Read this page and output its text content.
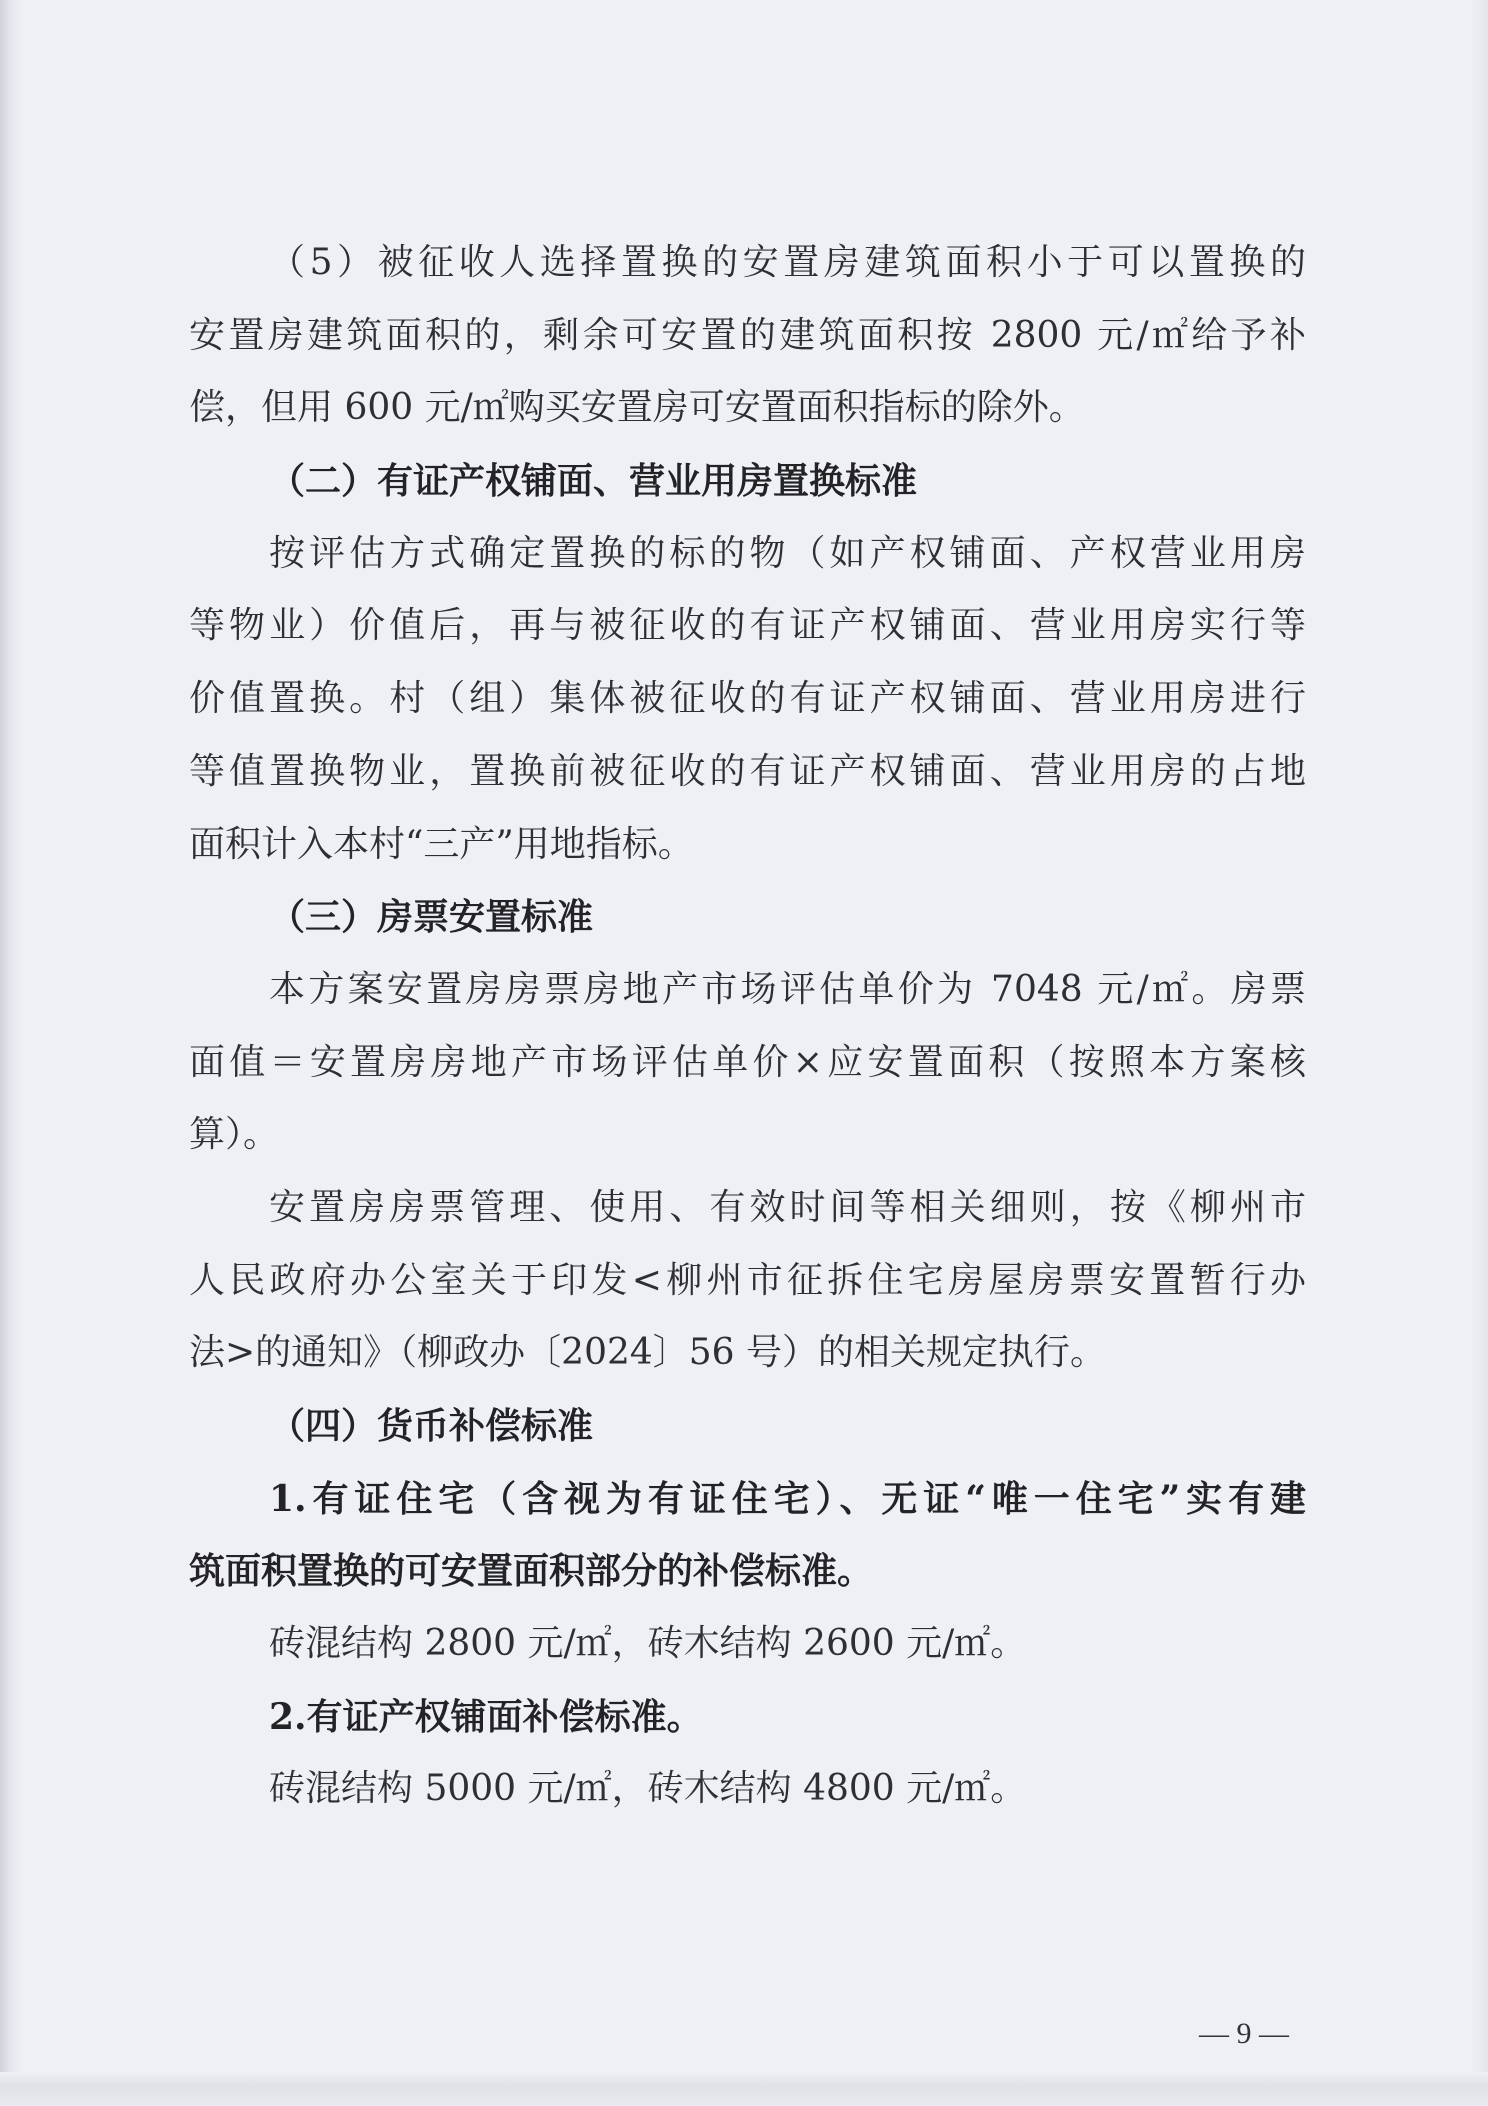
（5）被征收人选择置换的安置房建筑面积小于可以置换的
安置房建筑面积的，剩余可安置的建筑面积按 2800 元/㎡给予补
偿，但用 600 元/㎡购买安置房可安置面积指标的除外。
（二）有证产权铺面、营业用房置换标准
按评估方式确定置换的标的物（如产权铺面、产权营业用房
等物业）价值后，再与被征收的有证产权铺面、营业用房实行等
价值置换。村（组）集体被征收的有证产权铺面、营业用房进行
等值置换物业，置换前被征收的有证产权铺面、营业用房的占地
面积计入本村“三产”用地指标。
（三）房票安置标准
本方案安置房房票房地产市场评估单价为 7048 元/㎡。房票
面值＝安置房房地产市场评估单价×应安置面积（按照本方案核
算）。
安置房房票管理、使用、有效时间等相关细则，按《柳州市
人民政府办公室关于印发<柳州市征拆住宅房屋房票安置暂行办
法>的通知》（柳政办〔2024〕56 号）的相关规定执行。
（四）货币补偿标准
1.有证住宅（含视为有证住宅）、无证“唯一住宅”实有建
筑面积置换的可安置面积部分的补偿标准。
砖混结构 2800 元/㎡，砖木结构 2600 元/㎡。
2.有证产权铺面补偿标准。
砖混结构 5000 元/㎡，砖木结构 4800 元/㎡。
— 9 —
